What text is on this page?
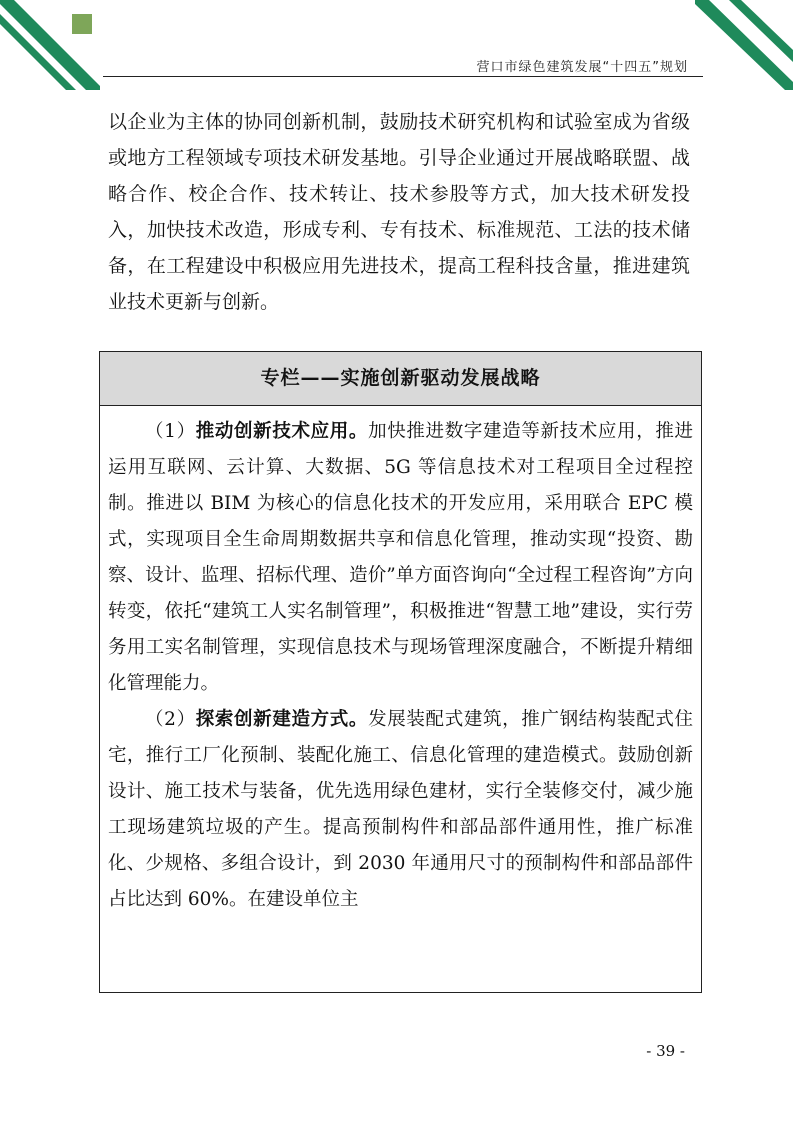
营口市绿色建筑发展“十四五”规划

以企业为主体的协同创新机制，鼓励技术研究机构和试验室成为省级或地方工程领域专项技术研发基地。引导企业通过开展战略联盟、战略合作、校企合作、技术转让、技术参股等方式，加大技术研发投入，加快技术改造，形成专利、专有技术、标准规范、工法的技术储备，在工程建设中积极应用先进技术，提高工程科技含量，推进建筑业技术更新与创新。

专栏——实施创新驱动发展战略

（1）推动创新技术应用。加快推进数字建造等新技术应用，推进运用互联网、云计算、大数据、5G 等信息技术对工程项目全过程控制。推进以 BIM 为核心的信息化技术的开发应用，采用联合 EPC 模式，实现项目全生命周期数据共享和信息化管理，推动实现“投资、勘察、设计、监理、招标代理、造价”单方面咨询向“全过程工程咨询”方向转变，依托“建筑工人实名制管理”，积极推进“智慧工地”建设，实行劳务用工实名制管理，实现信息技术与现场管理深度融合，不断提升精细化管理能力。

（2）探索创新建造方式。发展装配式建筑，推广钢结构装配式住宅，推行工厂化预制、装配化施工、信息化管理的建造模式。鼓励创新设计、施工技术与装备，优先选用绿色建材，实行全装修交付，减少施工现场建筑垃圾的产生。提高预制构件和部品部件通用性，推广标准化、少规格、多组合设计，到 2030 年通用尺寸的预制构件和部品部件占比达到 60%。在建设单位主

- 39 -
